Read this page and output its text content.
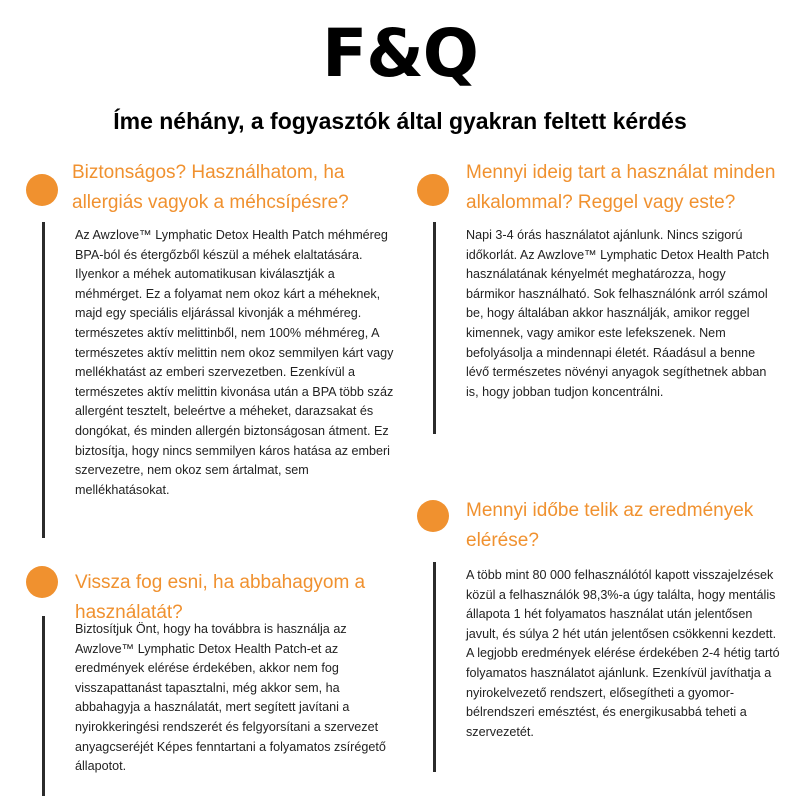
F&Q
Íme néhány, a fogyasztók által gyakran feltett kérdés
Biztonságos? Használhatom, ha allergiás vagyok a méhcsípésre?
Az Awzlove™ Lymphatic Detox Health Patch méhméreg BPA-ból és étergőzből készül a méhek elaltatására. Ilyenkor a méhek automatikusan kiválasztják a méhmérget. Ez a folyamat nem okoz kárt a méheknek, majd egy speciális eljárással kivonják a méhméreg. természetes aktív melittinből, nem 100% méhméreg, A természetes aktív melittin nem okoz semmilyen kárt vagy mellékhatást az emberi szervezetben. Ezenkívül a természetes aktív melittin kivonása után a BPA több száz allergént tesztelt, beleértve a méheket, darazsakat és dongókat, és minden allergén biztonságosan átment. Ez biztosítja, hogy nincs semmilyen káros hatása az emberi szervezetre, nem okoz sem ártalmat, sem mellékhatásokat.
Mennyi ideig tart a használat minden alkalommal? Reggel vagy este?
Napi 3-4 órás használatot ajánlunk. Nincs szigorú időkorlát. Az Awzlove™ Lymphatic Detox Health Patch használatának kényelmét meghatározza, hogy bármikor használható. Sok felhasználónk arról számol be, hogy általában akkor használják, amikor reggel kimennek, vagy amikor este lefekszenek. Nem befolyásolja a mindennapi életét. Ráadásul a benne lévő természetes növényi anyagok segíthetnek abban is, hogy jobban tudjon koncentrálni.
Vissza fog esni, ha abbahagyom a használatát?
Biztosítjuk Önt, hogy ha továbbra is használja az Awzlove™ Lymphatic Detox Health Patch-et az eredmények elérése érdekében, akkor nem fog visszapattanást tapasztalni, még akkor sem, ha abbahagyja a használatát, mert segített javítani a nyirokkeringési rendszerét és felgyorsítani a szervezet anyagcseréjét Képes fenntartani a folyamatos zsírégető állapotot.
Mennyi időbe telik az eredmények elérése?
A több mint 80 000 felhasználótól kapott visszajelzések közül a felhasználók 98,3%-a úgy találta, hogy mentális állapota 1 hét folyamatos használat után jelentősen javult, és súlya 2 hét után jelentősen csökkenni kezdett. A legjobb eredmények elérése érdekében 2-4 hétig tartó folyamatos használatot ajánlunk. Ezenkívül javíthatja a nyirokelvezető rendszert, elősegítheti a gyomor-bélrendszeri emésztést, és energikusabbá teheti a szervezetét.
